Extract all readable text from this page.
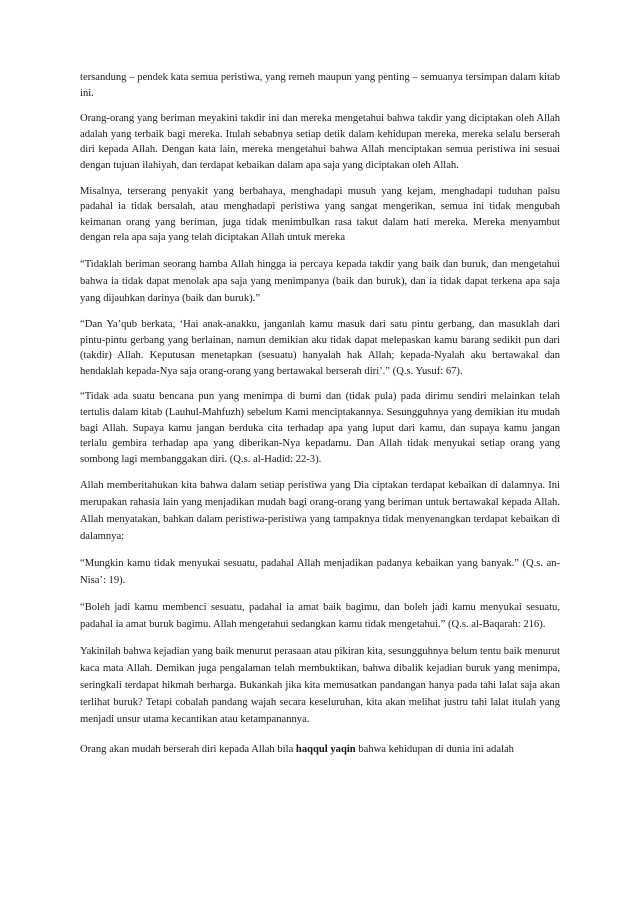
tersandung – pendek kata semua peristiwa, yang remeh maupun yang penting – semuanya tersimpan dalam kitab ini.

Orang-orang yang beriman meyakini takdir ini dan mereka mengetahui bahwa takdir yang diciptakan oleh Allah adalah yang terbaik bagi mereka. Itulah sebabnya setiap detik dalam kehidupan mereka, mereka selalu berserah diri kepada Allah. Dengan kata lain, mereka mengetahui bahwa Allah menciptakan semua peristiwa ini sesuai dengan tujuan ilahiyah, dan terdapat kebaikan dalam apa saja yang diciptakan oleh Allah.

Misalnya, terserang penyakit yang berbahaya, menghadapi musuh yang kejam, menghadapi tuduhan palsu padahal ia tidak bersalah, atau menghadapi peristiwa yang sangat mengerikan, semua ini tidak mengubah keimanan orang yang beriman, juga tidak menimbulkan rasa takut dalam hati mereka. Mereka menyambut dengan rela apa saja yang telah diciptakan Allah untuk mereka

“Tidaklah beriman seorang hamba Allah hingga ia percaya kepada takdir yang baik dan buruk, dan mengetahui bahwa ia tidak dapat menolak apa saja yang menimpanya (baik dan buruk), dan ia tidak dapat terkena apa saja yang dijauhkan darinya (baik dan buruk).”

“Dan Ya’qub berkata, ‘Hai anak-anakku, janganlah kamu masuk dari satu pintu gerbang, dan masuklah dari pintu-pintu gerbang yang berlainan, namun demikian aku tidak dapat melepaskan kamu barang sedikit pun dari (takdir) Allah. Keputusan menetapkan (sesuatu) hanyalah hak Allah; kepada-Nyalah aku bertawakal dan hendaklah kepada-Nya saja orang-orang yang bertawakal berserah diri’.” (Q.s. Yusuf: 67).

“Tidak ada suatu bencana pun yang menimpa di bumi dan (tidak pula) pada dirimu sendiri melainkan telah tertulis dalam kitab (Lauhul-Mahfuzh) sebelum Kami menciptakannya. Sesungguhnya yang demikian itu mudah bagi Allah. Supaya kamu jangan berduka cita terhadap apa yang luput dari kamu, dan supaya kamu jangan terlalu gembira terhadap apa yang diberikan-Nya kepadamu. Dan Allah tidak menyukai setiap orang yang sombong lagi membanggakan diri. (Q.s. al-Hadid: 22-3).

Allah memberitahukan kita bahwa dalam setiap peristiwa yang Dia ciptakan terdapat kebaikan di dalamnya. Ini merupakan rahasia lain yang menjadikan mudah bagi orang-orang yang beriman untuk bertawakal kepada Allah. Allah menyatakan, bahkan dalam peristiwa-peristiwa yang tampaknya tidak menyenangkan terdapat kebaikan di dalamnya:

“Mungkin kamu tidak menyukai sesuatu, padahal Allah menjadikan padanya kebaikan yang banyak.” (Q.s. an-Nisa’: 19).

“Boleh jadi kamu membenci sesuatu, padahal ia amat baik bagimu, dan boleh jadi kamu menyukai sesuatu, padahal ia amat buruk bagimu. Allah mengetahui sedangkan kamu tidak mengetahui.” (Q.s. al-Baqarah: 216).

Yakinilah bahwa kejadian yang baik menurut perasaan atau pikiran kita, sesungguhnya belum tentu baik menurut kaca mata Allah. Demikan juga pengalaman telah membuktikan, bahwa dibalik kejadian buruk yang menimpa, seringkali terdapat hikmah berharga. Bukankah jika kita memusatkan pandangan hanya pada tahi lalat saja akan terlihat buruk? Tetapi cobalah pandang wajah secara keseluruhan, kita akan melihat justru tahi lalat itulah yang menjadi unsur utama kecantikan atau ketampanannya.

Orang akan mudah berserah diri kepada Allah bila haqqul yaqin bahwa kehidupan di dunia ini adalah
